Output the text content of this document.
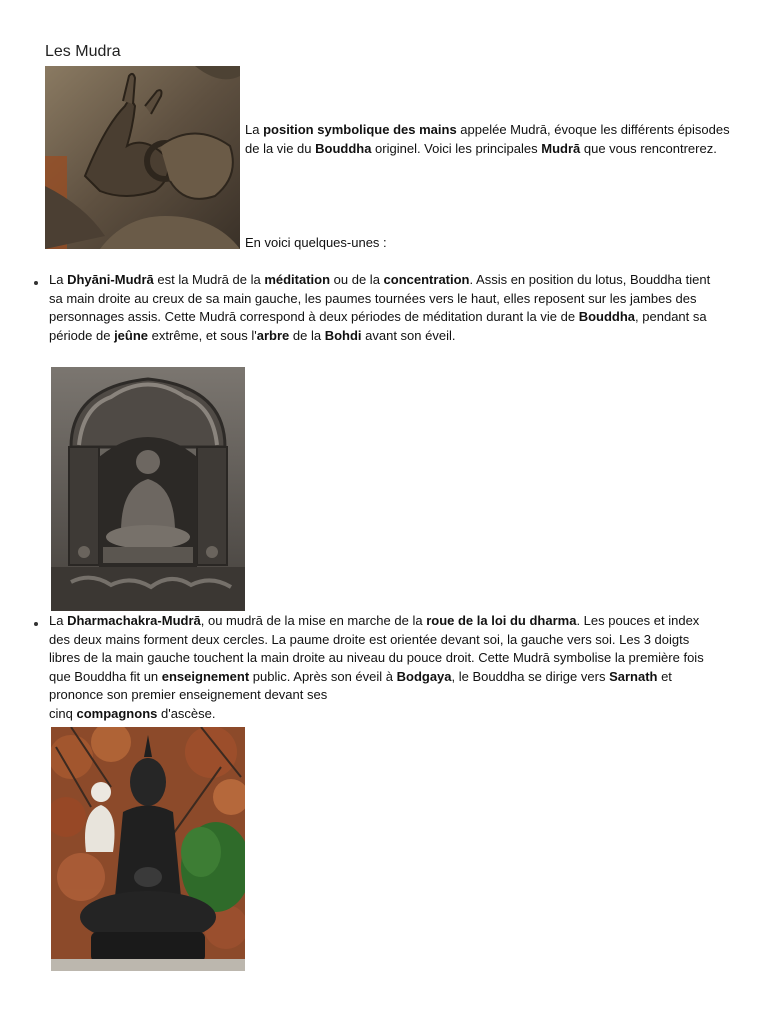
Les Mudra
La position symbolique des mains appelée Mudrā, évoque les différents épisodes de la vie du Bouddha originel. Voici les principales Mudrā que vous rencontrerez.
En voici quelques-unes :
La Dhyāni-Mudrā est la Mudrā de la méditation ou de la concentration. Assis en position du lotus, Bouddha tient sa main droite au creux de sa main gauche, les paumes tournées vers le haut, elles reposent sur les jambes des personnages assis. Cette Mudrā correspond à deux périodes de méditation durant la vie de Bouddha, pendant sa période de jeûne extrême, et sous l'arbre de la Bohdi avant son éveil.
La Dharmachakra-Mudrā, ou mudrā de la mise en marche de la roue de la loi du dharma. Les pouces et index des deux mains forment deux cercles. La paume droite est orientée devant soi, la gauche vers soi. Les 3 doigts libres de la main gauche touchent la main droite au niveau du pouce droit. Cette Mudrā symbolise la première fois que Bouddha fit un enseignement public. Après son éveil à Bodgaya, le Bouddha se dirige vers Sarnath et prononce son premier enseignement devant ses
cinq compagnons d'ascèse.
